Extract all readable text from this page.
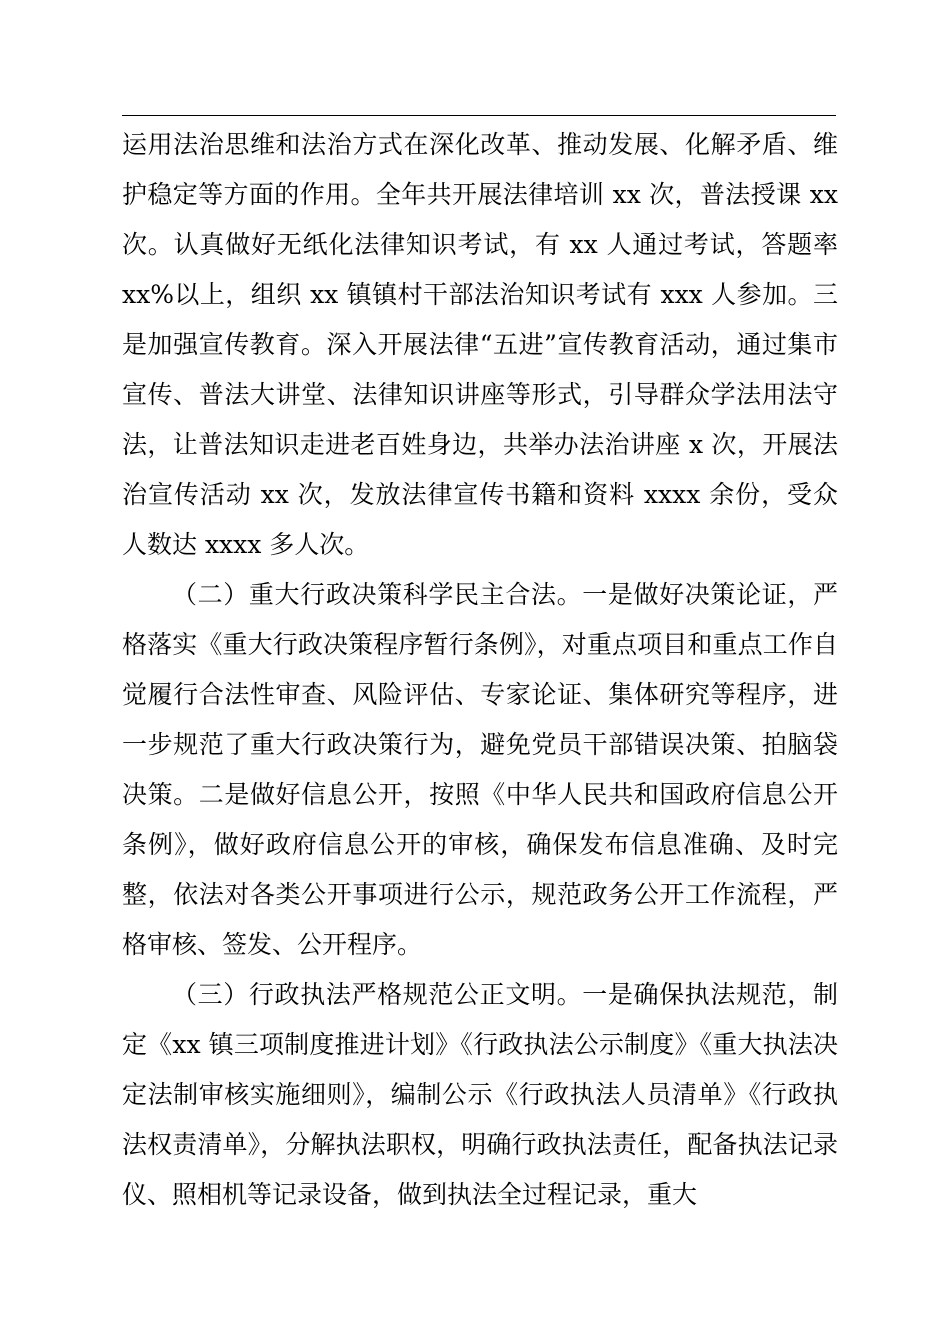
运用法治思维和法治方式在深化改革、推动发展、化解矛盾、维护稳定等方面的作用。全年共开展法律培训 xx 次，普法授课 xx 次。认真做好无纸化法律知识考试，有 xx 人通过考试，答题率 xx%以上，组织 xx 镇镇村干部法治知识考试有 xxx 人参加。三是加强宣传教育。深入开展法律“五进”宣传教育活动，通过集市宣传、普法大讲堂、法律知识讲座等形式，引导群众学法用法守法，让普法知识走进老百姓身边，共举办法治讲座 x 次，开展法治宣传活动 xx 次，发放法律宣传书籍和资料 xxxx 余份，受众人数达 xxxx 多人次。

（二）重大行政决策科学民主合法。一是做好决策论证，严格落实《重大行政决策程序暂行条例》，对重点项目和重点工作自觉履行合法性审查、风险评估、专家论证、集体研究等程序，进一步规范了重大行政决策行为，避免党员干部错误决策、拍脑袋决策。二是做好信息公开，按照《中华人民共和国政府信息公开条例》，做好政府信息公开的审核，确保发布信息准确、及时完整，依法对各类公开事项进行公示，规范政务公开工作流程，严格审核、签发、公开程序。

（三）行政执法严格规范公正文明。一是确保执法规范，制定《xx 镇三项制度推进计划》《行政执法公示制度》《重大执法决定法制审核实施细则》，编制公示《行政执法人员清单》《行政执法权责清单》，分解执法职权，明确行政执法责任，配备执法记录仪、照相机等记录设备，做到执法全过程记录，重大
